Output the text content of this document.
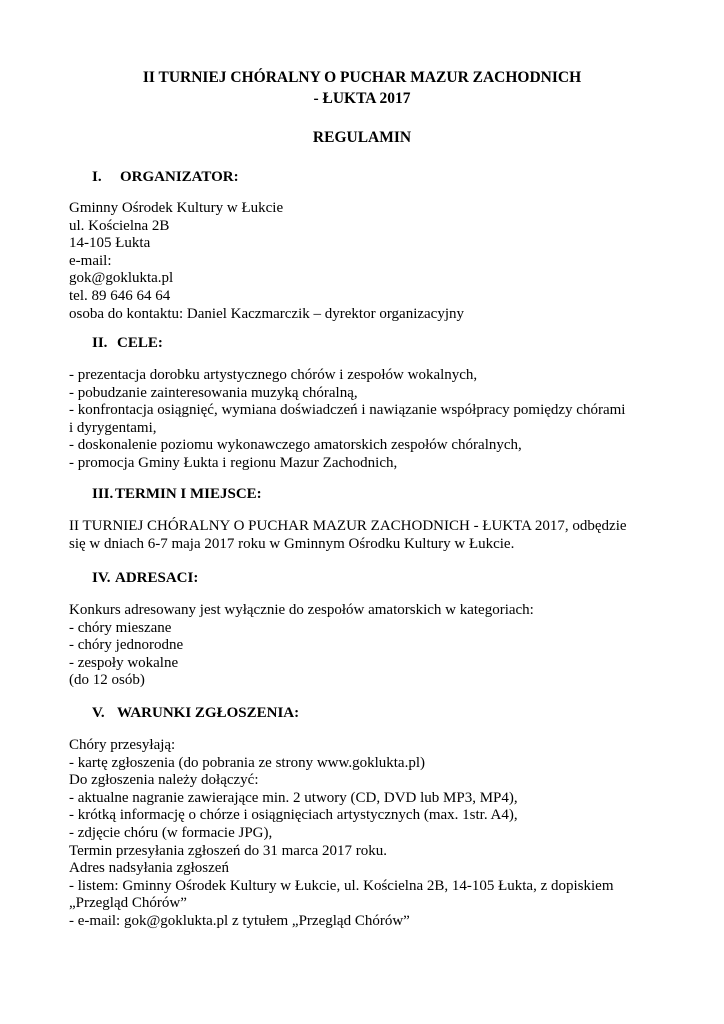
II TURNIEJ CHÓRALNY O PUCHAR MAZUR ZACHODNICH
- ŁUKTA 2017
REGULAMIN
I. ORGANIZATOR:
Gminny Ośrodek Kultury w Łukcie
ul. Kościelna 2B
14-105 Łukta
e-mail:
gok@goklukta.pl
tel. 89 646 64 64
osoba do kontaktu: Daniel Kaczmarczik – dyrektor organizacyjny
II. CELE:
- prezentacja dorobku artystycznego chórów i zespołów wokalnych,
- pobudzanie zainteresowania muzyką chóralną,
- konfrontacja osiągnięć, wymiana doświadczeń i nawiązanie współpracy pomiędzy chórami
i dyrygentami,
- doskonalenie poziomu wykonawczego amatorskich zespołów chóralnych,
- promocja Gminy Łukta i regionu Mazur Zachodnich,
III. TERMIN I MIEJSCE:
II TURNIEJ CHÓRALNY O PUCHAR MAZUR ZACHODNICH - ŁUKTA 2017, odbędzie
się w dniach 6-7 maja 2017 roku w Gminnym Ośrodku Kultury w Łukcie.
IV. ADRESACI:
Konkurs adresowany jest wyłącznie do zespołów amatorskich w kategoriach:
- chóry mieszane
- chóry jednorodne
- zespoły wokalne
(do 12 osób)
V. WARUNKI ZGŁOSZENIA:
Chóry przesyłają:
- kartę zgłoszenia (do pobrania ze strony www.goklukta.pl)
Do zgłoszenia należy dołączyć:
- aktualne nagranie zawierające min. 2 utwory (CD, DVD lub MP3, MP4),
- krótką informację o chórze i osiągnięciach artystycznych (max. 1str. A4),
- zdjęcie chóru (w formacie JPG),
Termin przesyłania zgłoszeń do 31 marca 2017 roku.
Adres nadsyłania zgłoszeń
- listem: Gminny Ośrodek Kultury w Łukcie, ul. Kościelna 2B, 14-105 Łukta, z dopiskiem
„Przegląd Chórów”
- e-mail: gok@goklukta.pl z tytułem „Przegląd Chórów”
